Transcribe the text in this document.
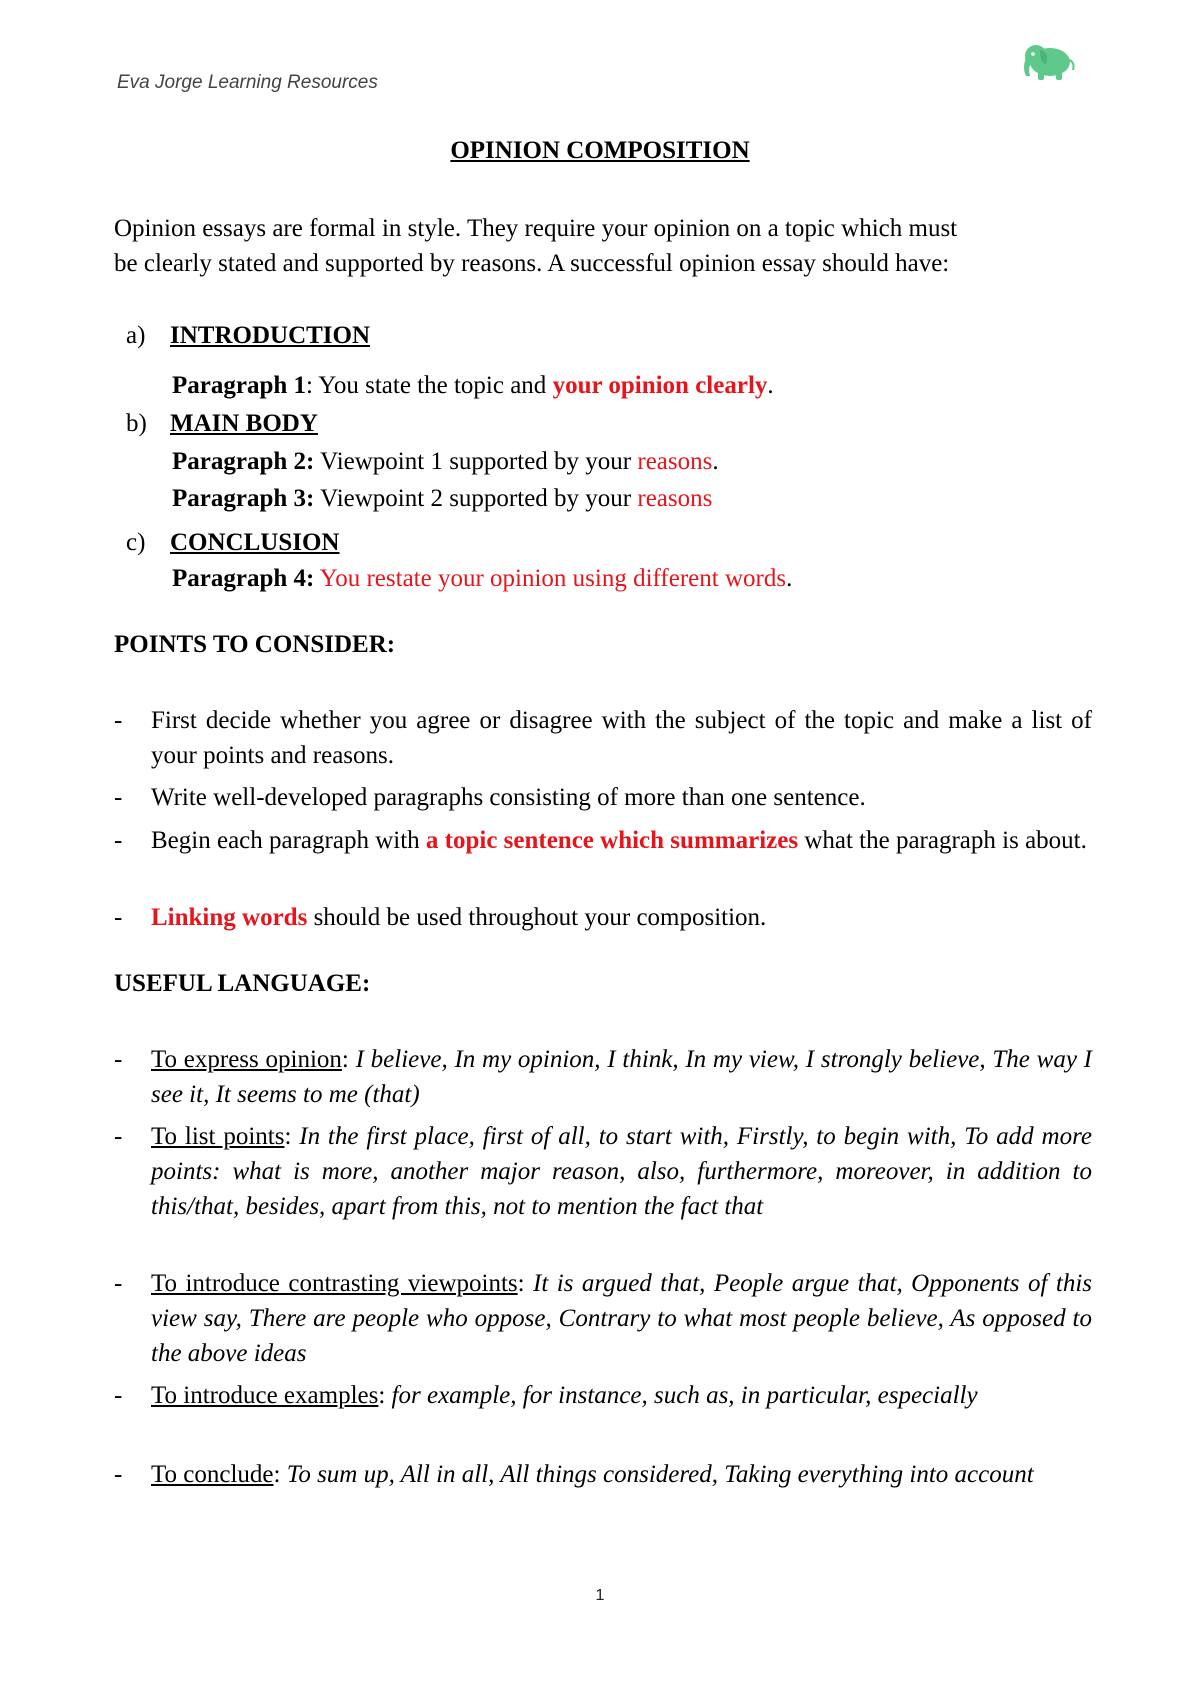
Eva Jorge Learning Resources
OPINION COMPOSITION
Opinion essays are formal in style. They require your opinion on a topic which must
be clearly stated and supported by reasons. A successful opinion essay should have:
a) INTRODUCTION
Paragraph 1: You state the topic and your opinion clearly.
b) MAIN BODY
Paragraph 2: Viewpoint 1 supported by your reasons.
Paragraph 3: Viewpoint 2 supported by your reasons
c) CONCLUSION
Paragraph 4: You restate your opinion using different words.
POINTS TO CONSIDER:
- First decide whether you agree or disagree with the subject of the topic and make a list of your points and reasons.
- Write well-developed paragraphs consisting of more than one sentence.
- Begin each paragraph with a topic sentence which summarizes what the paragraph is about.
- Linking words should be used throughout your composition.
USEFUL LANGUAGE:
- To express opinion: I believe, In my opinion, I think, In my view, I strongly believe, The way I see it, It seems to me (that)
- To list points: In the first place, first of all, to start with, Firstly, to begin with, To add more points: what is more, another major reason, also, furthermore, moreover, in addition to this/that, besides, apart from this, not to mention the fact that
- To introduce contrasting viewpoints: It is argued that, People argue that, Opponents of this view say, There are people who oppose, Contrary to what most people believe, As opposed to the above ideas
- To introduce examples: for example, for instance, such as, in particular, especially
- To conclude: To sum up, All in all, All things considered, Taking everything into account
1
